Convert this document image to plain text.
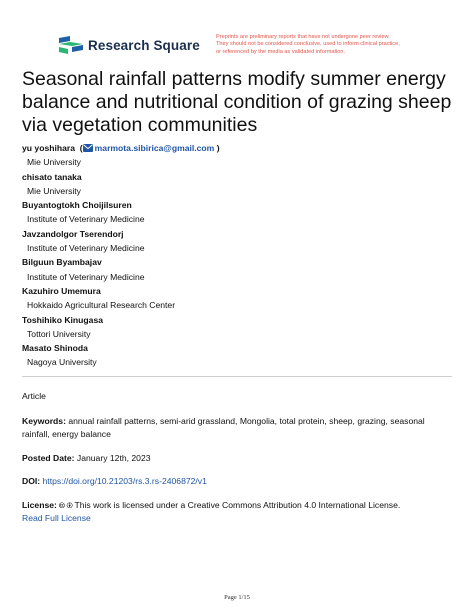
Research Square
Preprints are preliminary reports that have not undergone peer review.
They should not be considered conclusive, used to inform clinical practice,
or referenced by the media as validated information.
Seasonal rainfall patterns modify summer energy
balance and nutritional condition of grazing sheep
via vegetation communities
yu yoshihara  ( marmota.sibirica@gmail.com )
Mie University
chisato tanaka
Mie University
Buyantogtokh Choijilsuren
Institute of Veterinary Medicine
Javzandolgor Tserendorj
Institute of Veterinary Medicine
Bilguun Byambajav
Institute of Veterinary Medicine
Kazuhiro Umemura
Hokkaido Agricultural Research Center
Toshihiko Kinugasa
Tottori University
Masato Shinoda
Nagoya University
Article
Keywords: annual rainfall patterns, semi-arid grassland, Mongolia, total protein, sheep, grazing, seasonal
rainfall, energy balance
Posted Date: January 12th, 2023
DOI: https://doi.org/10.21203/rs.3.rs-2406872/v1
License: 🅭 🅯 This work is licensed under a Creative Commons Attribution 4.0 International License.
Read Full License
Page 1/15
